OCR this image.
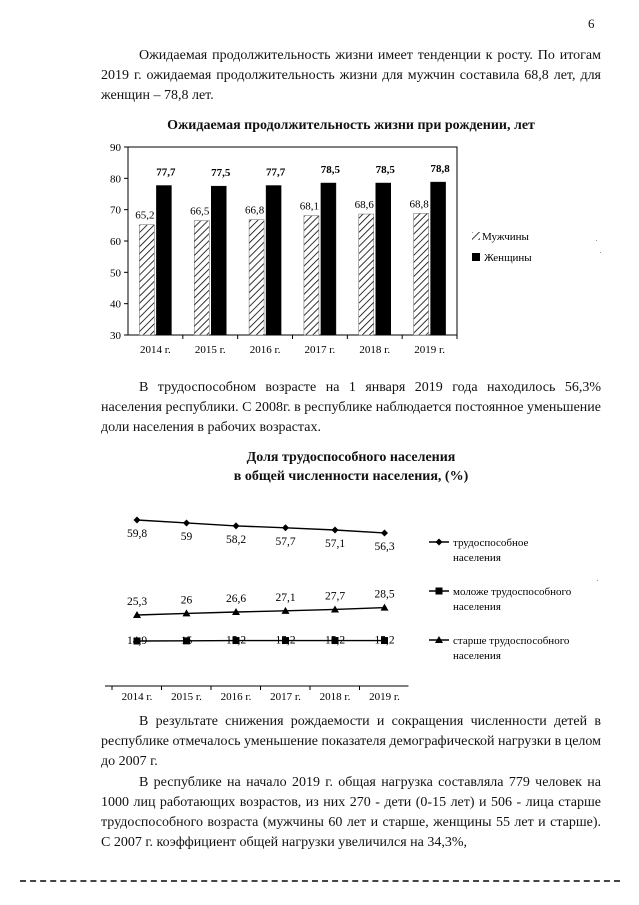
6

Ожидаемая продолжительность жизни имеет тенденции к росту. По итогам 2019 г. ожидаемая продолжительность жизни для мужчин составила 68,8 лет, для женщин – 78,8 лет.

Ожидаемая продолжительность жизни при рождении, лет
30
40
50
60
70
80
90
65,2
77,7
2014 г.
66,5
77,5
2015 г.
66,8
77,7
2016 г.
68,1
78,5
2017 г.
68,6
78,5
2018 г.
68,8
78,8
2019 г.
Мужчины
Женщины

В трудоспособном возрасте на 1 января 2019 года находилось 56,3% населения республики. С 2008г. в республике наблюдается постоянное уменьшение доли населения в рабочих возрастах.

Доля трудоспособного населения
в общей численности населения, (%)
59,8	59	58,2	57,7	57,1	56,3
14,9	15	15,2	15,2	15,2	15,2
25,3	26	26,6	27,1	27,7	28,5
2014 г. 2015 г. 2016 г. 2017 г. 2018 г. 2019 г.
трудоспособное
населения
моложе трудоспособного
населения
старше трудоспособного
населения

В результате снижения рождаемости и сокращения численности детей в республике отмечалось уменьшение показателя демографической нагрузки в целом до 2007 г.

В республике на начало 2019 г. общая нагрузка составляла 779 человек на 1000 лиц работающих возрастов, из них 270 - дети (0-15 лет) и 506 - лица старше трудоспособного возраста (мужчины 60 лет и старше, женщины 55 лет и старше). С 2007 г. коэффициент общей нагрузки увеличился на 34,3%,
